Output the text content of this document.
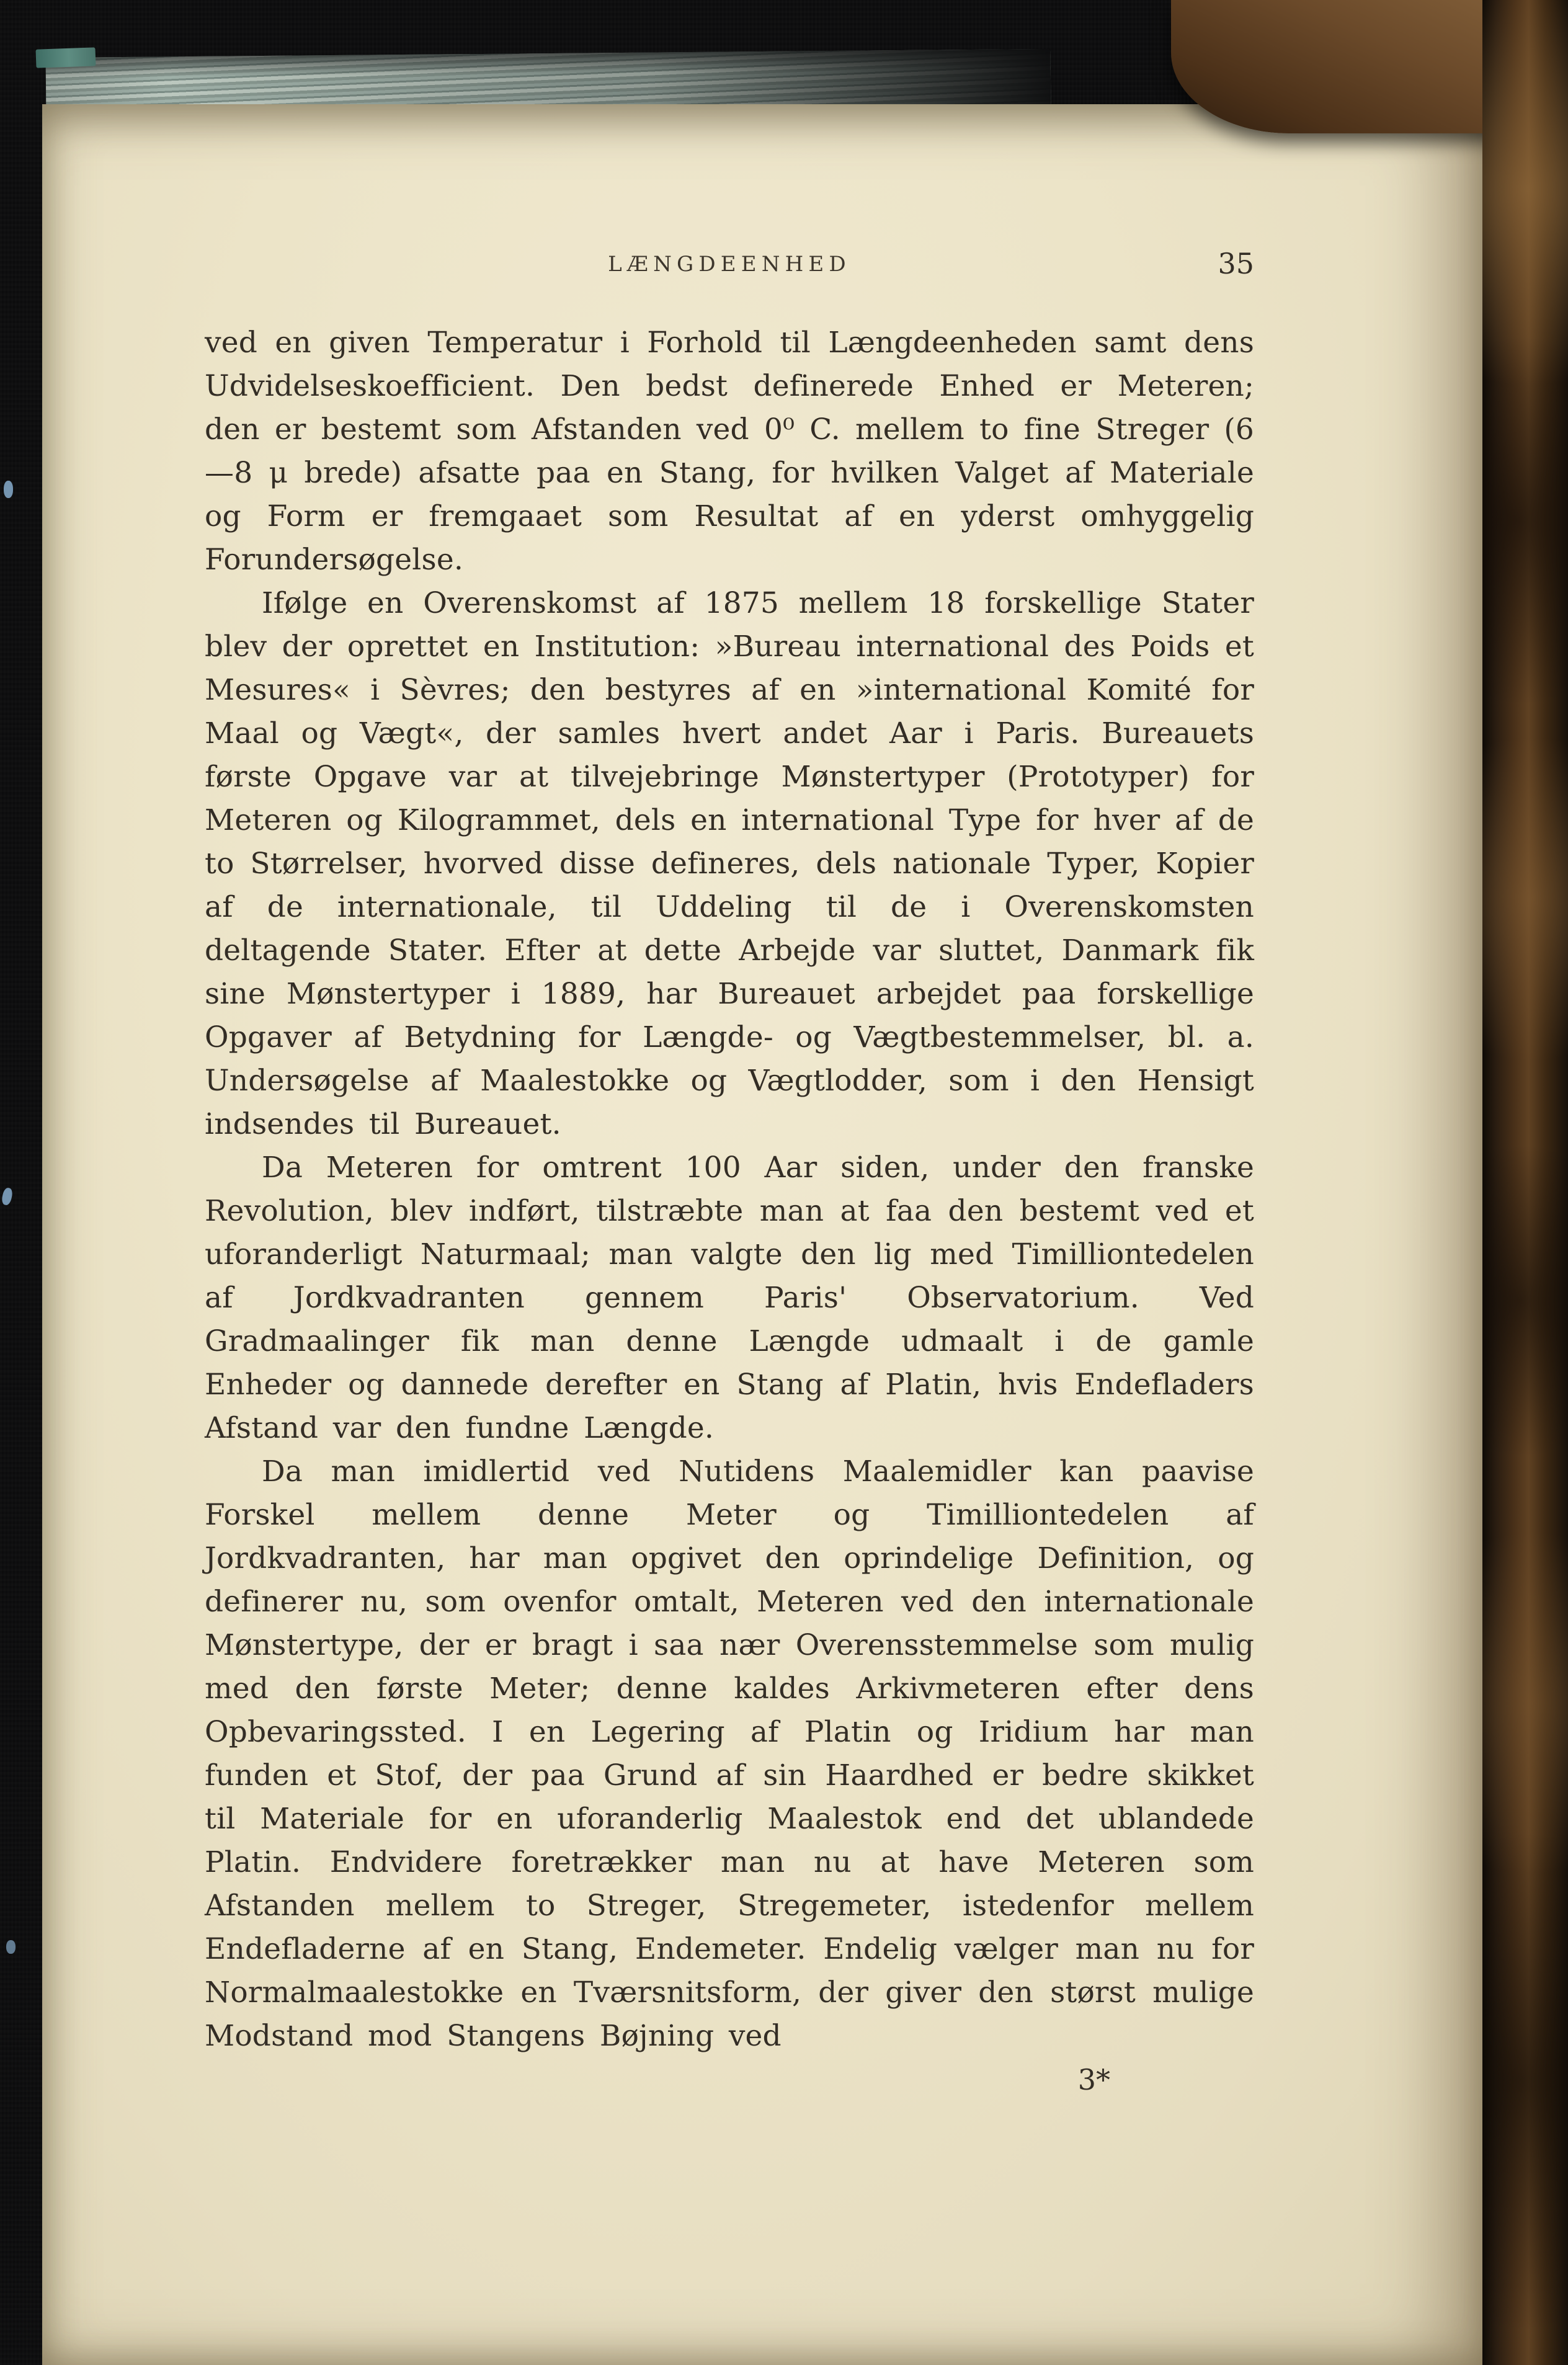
LÆNGDEENHED	35

ved en given Temperatur i Forhold til Længdeenheden samt dens Udvidelseskoefficient. Den bedst definerede Enhed er Meteren; den er bestemt som Afstanden ved 0⁰ C. mellem to fine Streger (6—8 μ brede) afsatte paa en Stang, for hvilken Valget af Materiale og Form er fremgaaet som Resultat af en yderst omhyggelig Forundersøgelse.

Ifølge en Overenskomst af 1875 mellem 18 forskellige Stater blev der oprettet en Institution: »Bureau international des Poids et Mesures« i Sèvres; den bestyres af en »international Komité for Maal og Vægt«, der samles hvert andet Aar i Paris. Bureauets første Opgave var at tilvejebringe Mønstertyper (Prototyper) for Meteren og Kilogrammet, dels en international Type for hver af de to Størrelser, hvorved disse defineres, dels nationale Typer, Kopier af de internationale, til Uddeling til de i Overenskomsten deltagende Stater. Efter at dette Arbejde var sluttet, Danmark fik sine Mønstertyper i 1889, har Bureauet arbejdet paa forskellige Opgaver af Betydning for Længde- og Vægtbestemmelser, bl. a. Undersøgelse af Maalestokke og Vægtlodder, som i den Hensigt indsendes til Bureauet.

Da Meteren for omtrent 100 Aar siden, under den franske Revolution, blev indført, tilstræbte man at faa den bestemt ved et uforanderligt Naturmaal; man valgte den lig med Timilliontedelen af Jordkvadranten gennem Paris' Observatorium. Ved Gradmaalinger fik man denne Længde udmaalt i de gamle Enheder og dannede derefter en Stang af Platin, hvis Endefladers Afstand var den fundne Længde.

Da man imidlertid ved Nutidens Maalemidler kan paavise Forskel mellem denne Meter og Timilliontedelen af Jordkvadranten, har man opgivet den oprindelige Definition, og definerer nu, som ovenfor omtalt, Meteren ved den internationale Mønstertype, der er bragt i saa nær Overensstemmelse som mulig med den første Meter; denne kaldes Arkivmeteren efter dens Opbevaringssted. I en Legering af Platin og Iridium har man funden et Stof, der paa Grund af sin Haardhed er bedre skikket til Materiale for en uforanderlig Maalestok end det ublandede Platin. Endvidere foretrækker man nu at have Meteren som Afstanden mellem to Streger, Stregemeter, istedenfor mellem Endefladerne af en Stang, Endemeter. Endelig vælger man nu for Normalmaalestokke en Tværsnitsform, der giver den størst mulige Modstand mod Stangens Bøjning ved

3*
